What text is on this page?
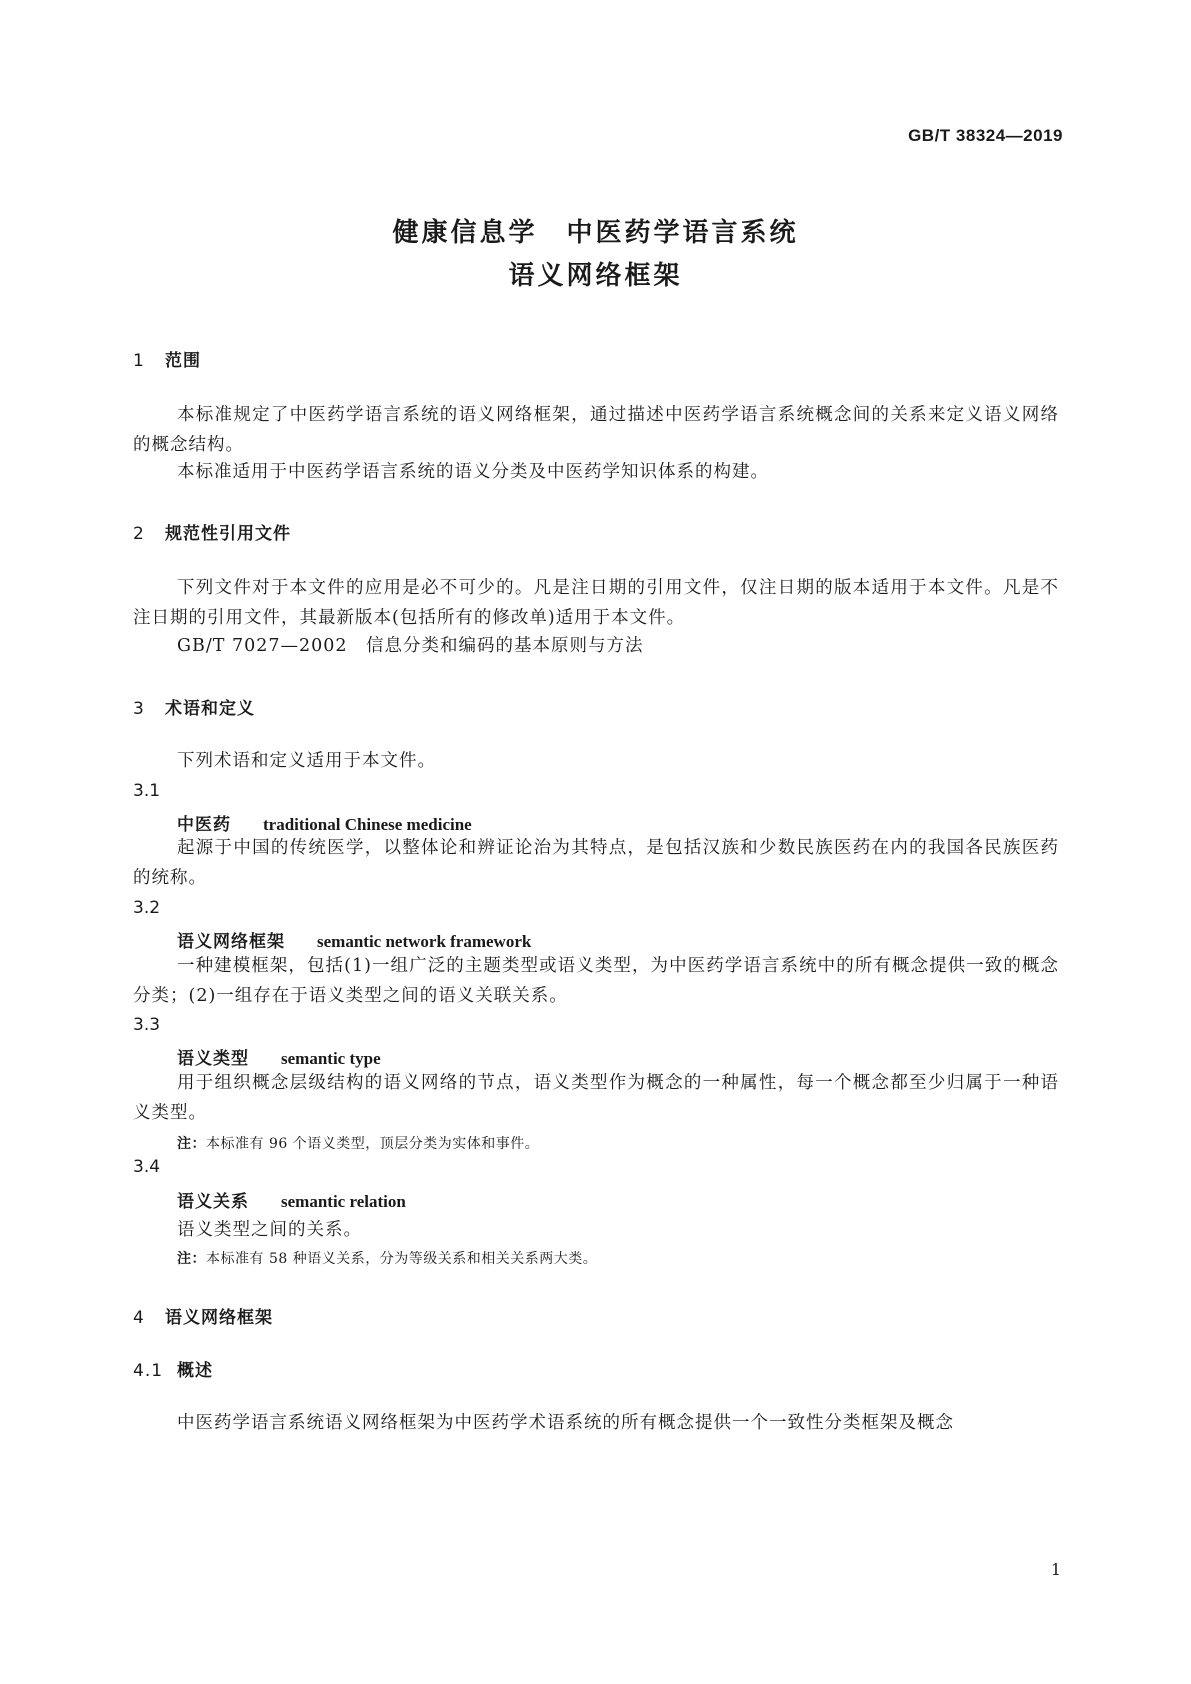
GB/T 38324—2019
健康信息学　中医药学语言系统
语义网络框架
1 范围
本标准规定了中医药学语言系统的语义网络框架，通过描述中医药学语言系统概念间的关系来定义语义网络的概念结构。
本标准适用于中医药学语言系统的语义分类及中医药学知识体系的构建。
2 规范性引用文件
下列文件对于本文件的应用是必不可少的。凡是注日期的引用文件，仅注日期的版本适用于本文件。凡是不注日期的引用文件，其最新版本(包括所有的修改单)适用于本文件。
GB/T 7027—2002　信息分类和编码的基本原则与方法
3 术语和定义
下列术语和定义适用于本文件。
3.1
中医药 traditional Chinese medicine
起源于中国的传统医学，以整体论和辨证论治为其特点，是包括汉族和少数民族医药在内的我国各民族医药的统称。
3.2
语义网络框架 semantic network framework
一种建模框架，包括(1)一组广泛的主题类型或语义类型，为中医药学语言系统中的所有概念提供一致的概念分类；(2)一组存在于语义类型之间的语义关联关系。
3.3
语义类型 semantic type
用于组织概念层级结构的语义网络的节点，语义类型作为概念的一种属性，每一个概念都至少归属于一种语义类型。
注：本标准有 96 个语义类型，顶层分类为实体和事件。
3.4
语义关系 semantic relation
语义类型之间的关系。
注：本标准有 58 种语义关系，分为等级关系和相关关系两大类。
4 语义网络框架
4.1 概述
中医药学语言系统语义网络框架为中医药学术语系统的所有概念提供一个一致性分类框架及概念
1
